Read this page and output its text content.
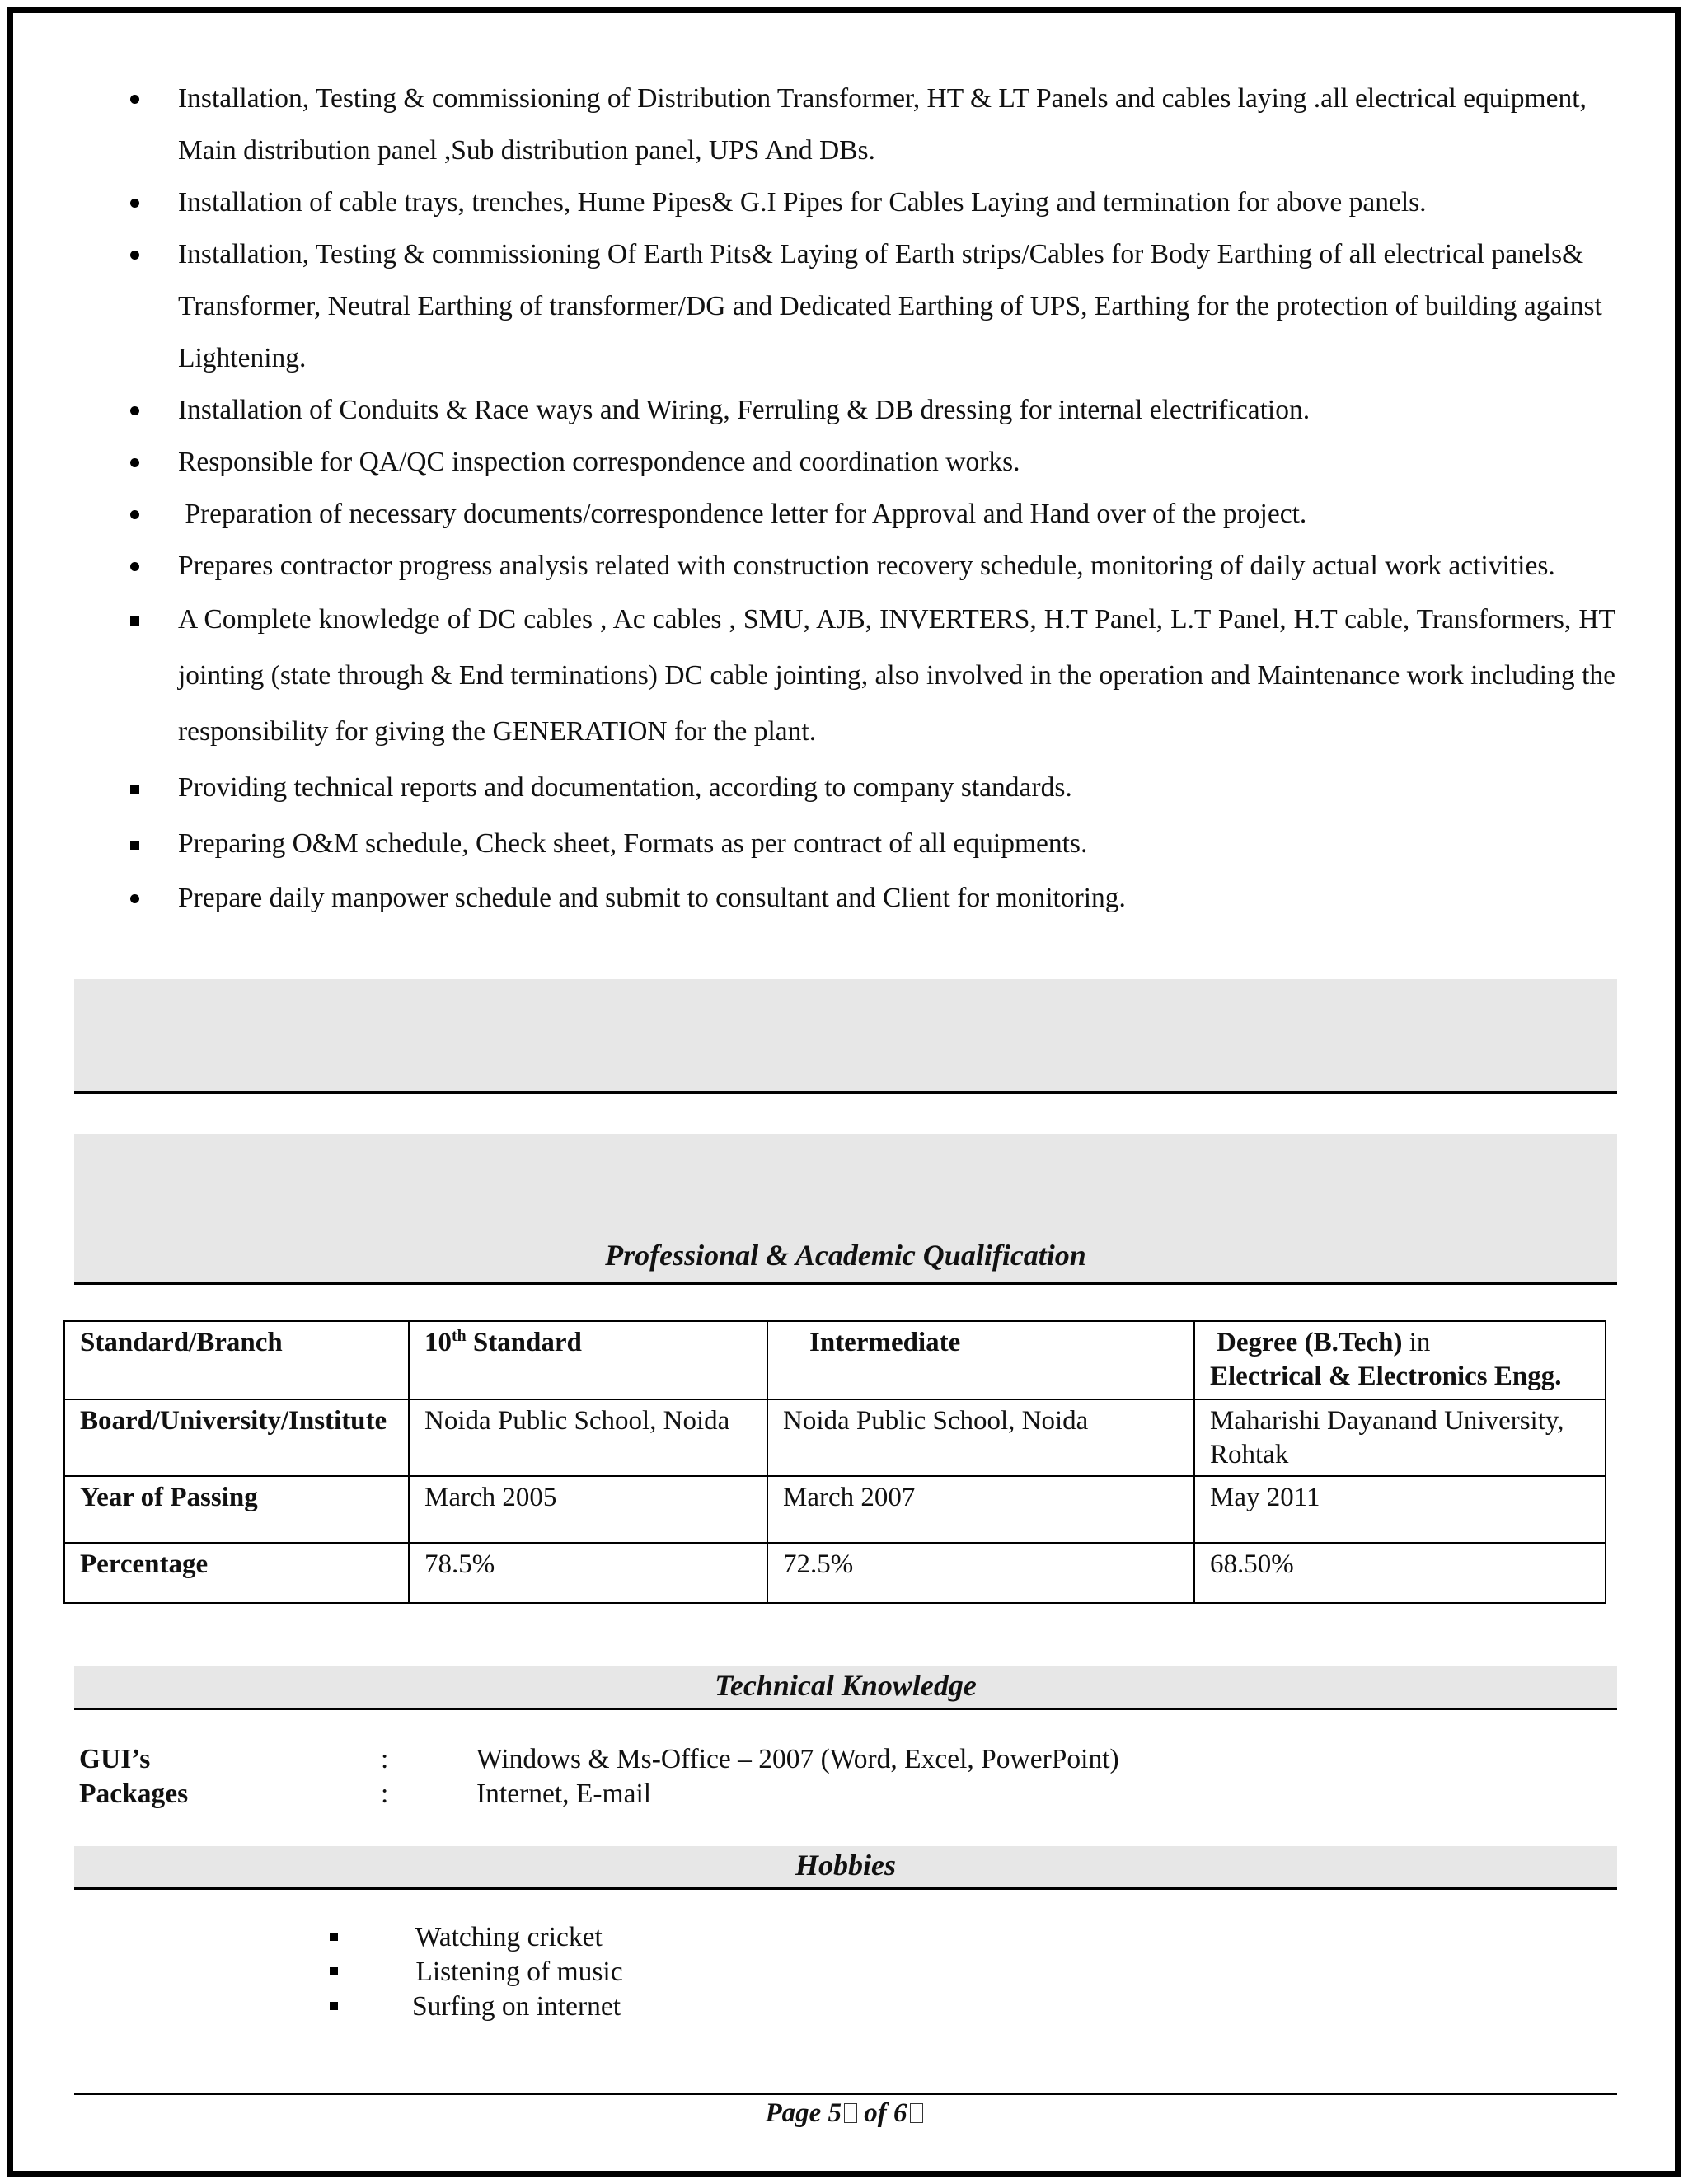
Installation, Testing & commissioning of Distribution Transformer, HT & LT Panels and cables laying .all electrical equipment, Main distribution panel ,Sub distribution panel, UPS And DBs.
Installation of cable trays, trenches, Hume Pipes& G.I Pipes for Cables Laying and termination for above panels.
Installation, Testing & commissioning Of Earth Pits& Laying of Earth strips/Cables for Body Earthing of all electrical panels& Transformer, Neutral Earthing of transformer/DG and Dedicated Earthing of UPS, Earthing for the protection of building against Lightening.
Installation of Conduits & Race ways and Wiring, Ferruling & DB dressing for internal electrification.
Responsible for QA/QC inspection correspondence and coordination works.
Preparation of necessary documents/correspondence letter for Approval and Hand over of the project.
Prepares contractor progress analysis related with construction recovery schedule, monitoring of daily actual work activities.
A Complete knowledge of DC cables , Ac cables , SMU, AJB, INVERTERS, H.T Panel, L.T Panel, H.T cable, Transformers, HT jointing (state through & End terminations) DC cable jointing, also involved in the operation and Maintenance work including the responsibility for giving the GENERATION for the plant.
Providing technical reports and documentation, according to company standards.
Preparing O&M schedule, Check sheet, Formats as per contract of all equipments.
Prepare daily manpower schedule and submit to consultant and Client for monitoring.
Professional & Academic Qualification
Standard/Branch	10th Standard	Intermediate	Degree (B.Tech) in
Electrical & Electronics Engg.
Board/University/Institute	Noida Public School, Noida	Noida Public School, Noida	Maharishi Dayanand University, Rohtak
Year of Passing	March 2005	March 2007	May 2011
Percentage	78.5%	72.5%	68.50%
Technical Knowledge
GUI’s	:	Windows & Ms-Office – 2007 (Word, Excel, PowerPoint)
Packages	:	Internet, E-mail
Hobbies
Watching cricket
Listening of music
Surfing on internet
Page 5 of 6
